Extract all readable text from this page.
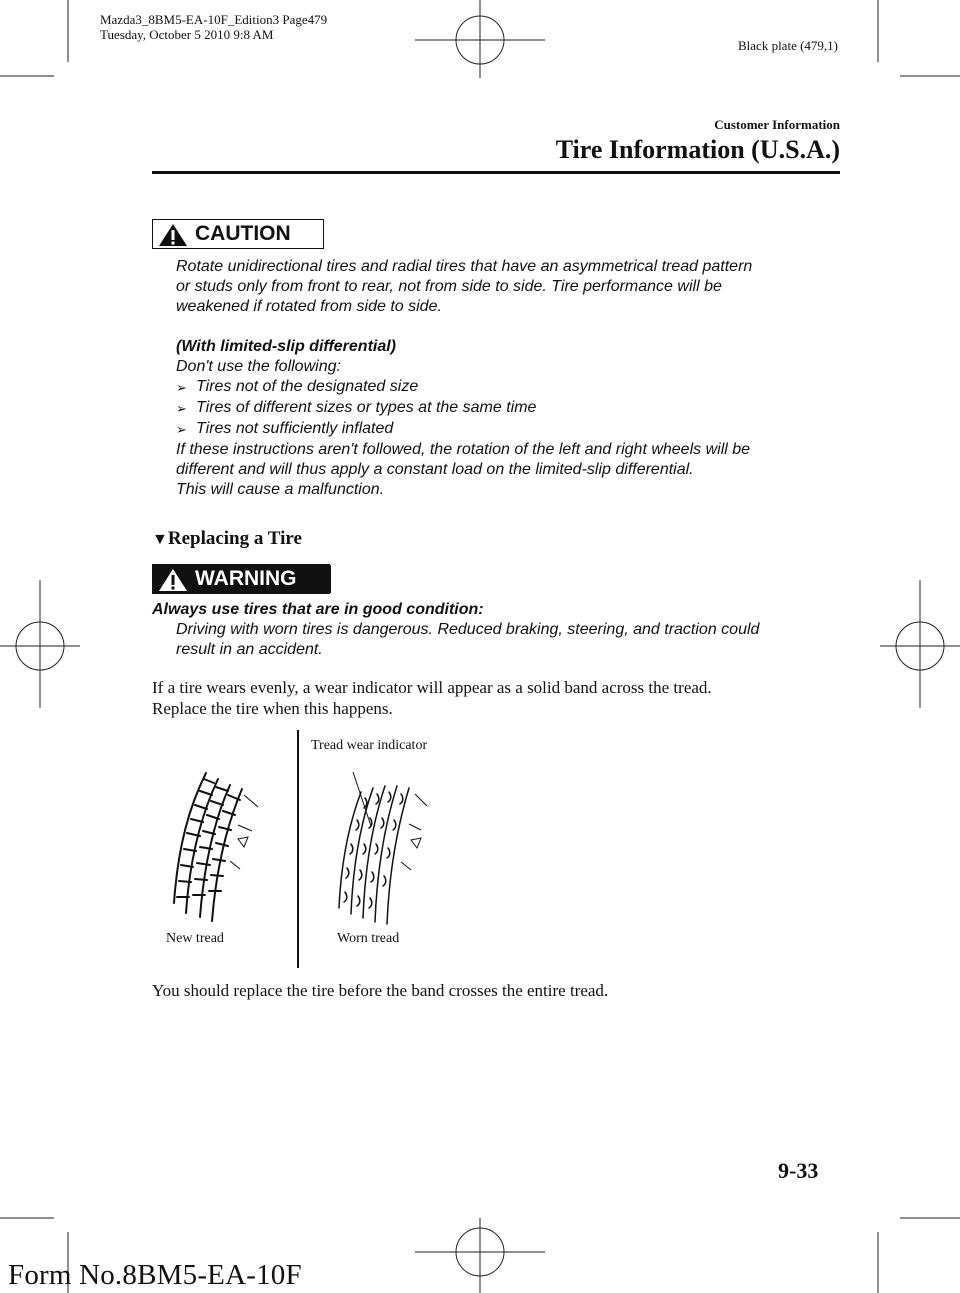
Mazda3_8BM5-EA-10F_Edition3 Page479
Tuesday, October 5 2010 9:8 AM
Black plate (479,1)
Customer Information
Tire Information (U.S.A.)
CAUTION
Rotate unidirectional tires and radial tires that have an asymmetrical tread pattern
or studs only from front to rear, not from side to side. Tire performance will be
weakened if rotated from side to side.
(With limited-slip differential)
Don't use the following:
➢ Tires not of the designated size
➢ Tires of different sizes or types at the same time
➢ Tires not sufficiently inflated
If these instructions aren't followed, the rotation of the left and right wheels will be
different and will thus apply a constant load on the limited-slip differential.
This will cause a malfunction.
▼Replacing a Tire
WARNING
Always use tires that are in good condition:
Driving with worn tires is dangerous. Reduced braking, steering, and traction could
result in an accident.
If a tire wears evenly, a wear indicator will appear as a solid band across the tread.
Replace the tire when this happens.
Tread wear indicator
New tread	Worn tread
You should replace the tire before the band crosses the entire tread.
9-33
Form No.8BM5-EA-10F
